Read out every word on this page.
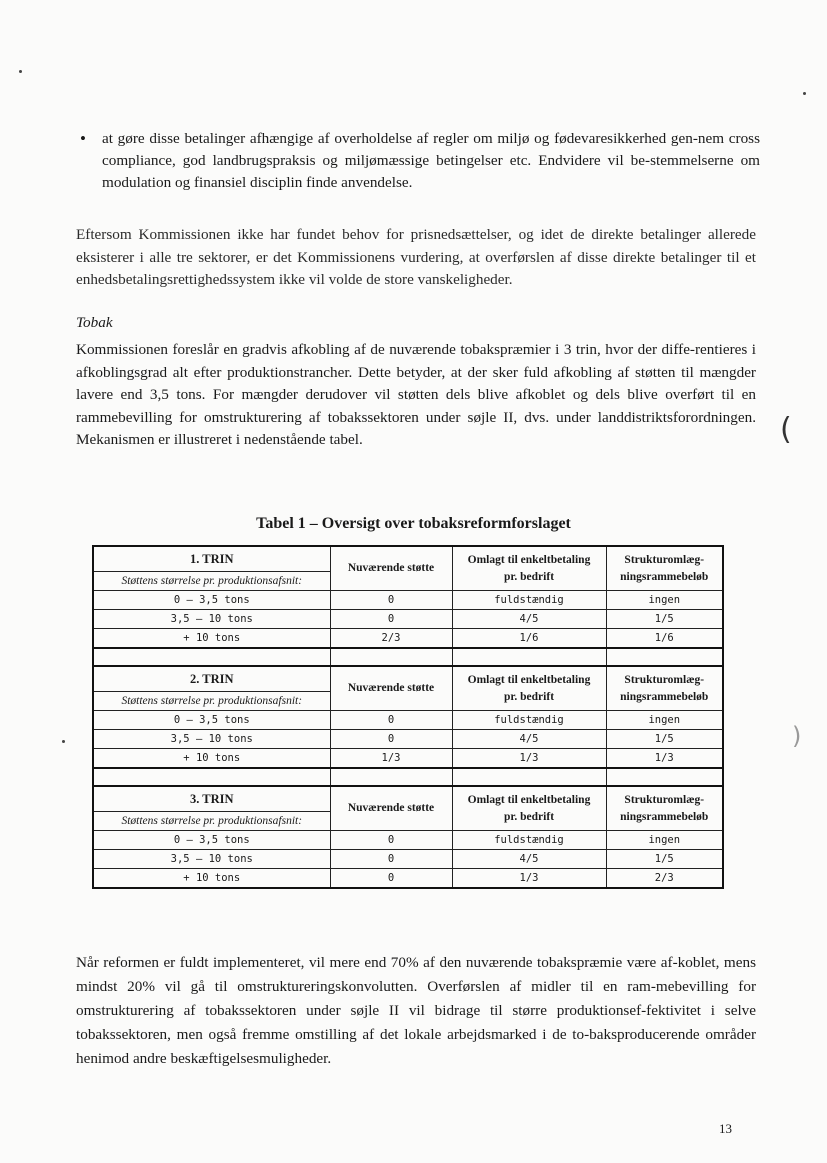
• at gøre disse betalinger afhængige af overholdelse af regler om miljø og fødevaresikkerhed gen-nem cross compliance, god landbrugspraksis og miljømæssige betingelser etc. Endvidere vil be-stemmelserne om modulation og finansiel disciplin finde anvendelse.
Eftersom Kommissionen ikke har fundet behov for prisnedsættelser, og idet de direkte betalinger allerede eksisterer i alle tre sektorer, er det Kommissionens vurdering, at overførslen af disse direkte betalinger til et enhedsbetalingsrettighedssystem ikke vil volde de store vanskeligheder.
Tobak
Kommissionen foreslår en gradvis afkobling af de nuværende tobakspræmier i 3 trin, hvor der diffe-rentieres i afkoblingsgrad alt efter produktionstrancher. Dette betyder, at der sker fuld afkobling af støtten til mængder lavere end 3,5 tons. For mængder derudover vil støtten dels blive afkoblet og dels blive overført til en rammebevilling for omstrukturering af tobakssektoren under søjle II, dvs. under landdistriktsforordningen. Mekanismen er illustreret i nedenstående tabel.
Tabel 1 – Oversigt over tobaksreformforslaget
1. TRIN	Nuværende støtte	Omlagt til enkeltbetaling
pr. bedrift	Strukturomlæg-
ningsrammebeløb
Støttens størrelse pr. produktionsafsnit:			
0 – 3,5 tons	0	fuldstændig	ingen
3,5 – 10 tons	0	4/5	1/5
+ 10 tons	2/3	1/6	1/6
2. TRIN	Nuværende støtte	Omlagt til enkeltbetaling
pr. bedrift	Strukturomlæg-
ningsrammebeløb
Støttens størrelse pr. produktionsafsnit:			
0 – 3,5 tons	0	fuldstændig	ingen
3,5 – 10 tons	0	4/5	1/5
+ 10 tons	1/3	1/3	1/3
3. TRIN	Nuværende støtte	Omlagt til enkeltbetaling
pr. bedrift	Strukturomlæg-
ningsrammebeløb
Støttens størrelse pr. produktionsafsnit:			
0 – 3,5 tons	0	fuldstændig	ingen
3,5 – 10 tons	0	4/5	1/5
+ 10 tons	0	1/3	2/3
Når reformen er fuldt implementeret, vil mere end 70% af den nuværende tobakspræmie være af-koblet, mens mindst 20% vil gå til omstruktureringskonvolutten. Overførslen af midler til en ram-mebevilling for omstrukturering af tobakssektoren under søjle II vil bidrage til større produktionsef-fektivitet i selve tobakssektoren, men også fremme omstilling af det lokale arbejdsmarked i de to-baksproducerende områder henimod andre beskæftigelsesmuligheder.
13
(
)
